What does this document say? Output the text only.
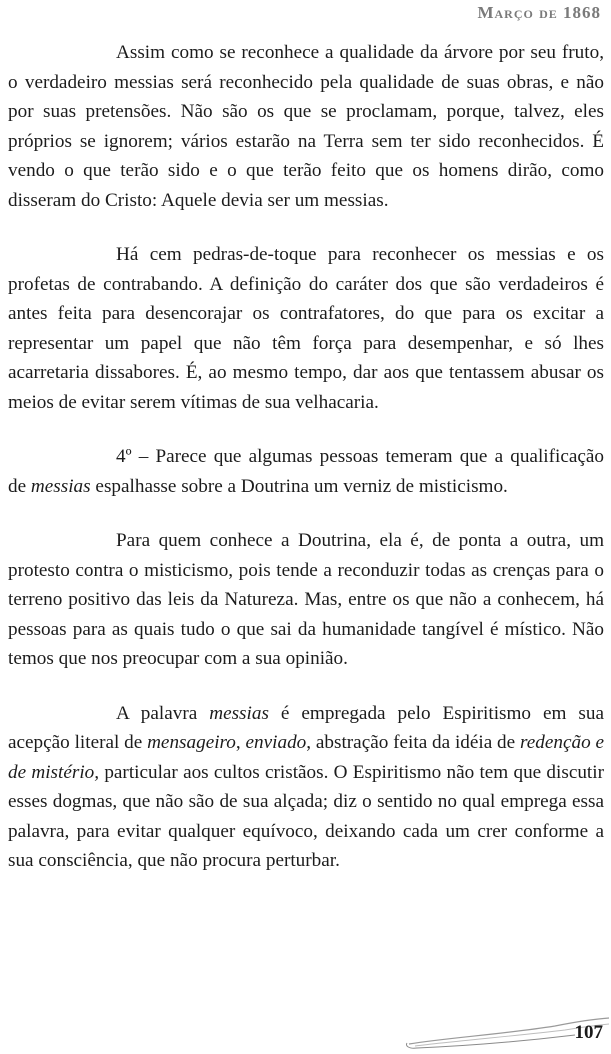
Março de 1868

Assim como se reconhece a qualidade da árvore por seu fruto, o verdadeiro messias será reconhecido pela qualidade de suas obras, e não por suas pretensões. Não são os que se proclamam, porque, talvez, eles próprios se ignorem; vários estarão na Terra sem ter sido reconhecidos. É vendo o que terão sido e o que terão feito que os homens dirão, como disseram do Cristo: Aquele devia ser um messias.

Há cem pedras-de-toque para reconhecer os messias e os profetas de contrabando. A definição do caráter dos que são verdadeiros é antes feita para desencorajar os contrafatores, do que para os excitar a representar um papel que não têm força para desempenhar, e só lhes acarretaria dissabores. É, ao mesmo tempo, dar aos que tentassem abusar os meios de evitar serem vítimas de sua velhacaria.

4º – Parece que algumas pessoas temeram que a qualificação de messias espalhasse sobre a Doutrina um verniz de misticismo.

Para quem conhece a Doutrina, ela é, de ponta a outra, um protesto contra o misticismo, pois tende a reconduzir todas as crenças para o terreno positivo das leis da Natureza. Mas, entre os que não a conhecem, há pessoas para as quais tudo o que sai da humanidade tangível é místico. Não temos que nos preocupar com a sua opinião.

A palavra messias é empregada pelo Espiritismo em sua acepção literal de mensageiro, enviado, abstração feita da idéia de redenção e de mistério, particular aos cultos cristãos. O Espiritismo não tem que discutir esses dogmas, que não são de sua alçada; diz o sentido no qual emprega essa palavra, para evitar qualquer equívoco, deixando cada um crer conforme a sua consciência, que não procura perturbar.

107
